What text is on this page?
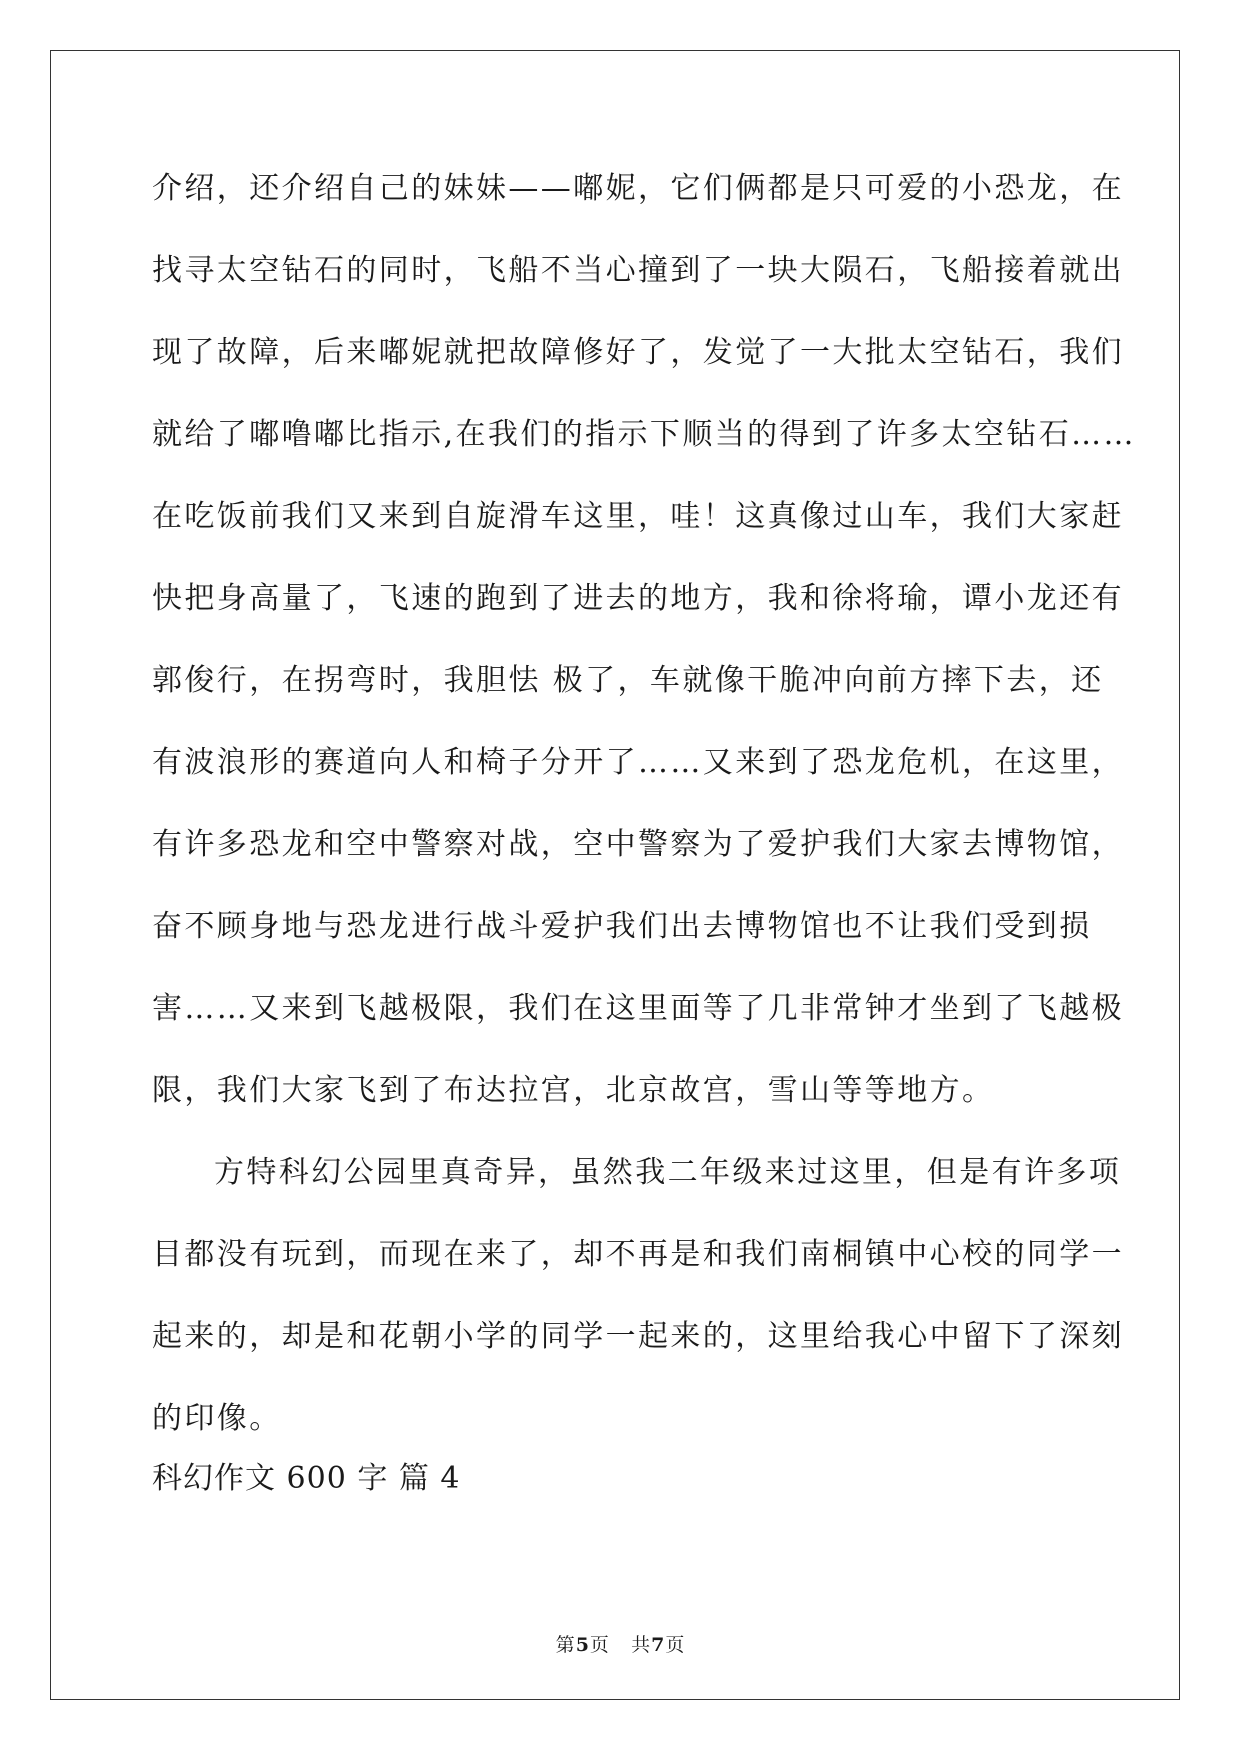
介绍，还介绍自己的妹妹——嘟妮，它们俩都是只可爱的小恐龙，在
找寻太空钻石的同时，飞船不当心撞到了一块大陨石，飞船接着就出
现了故障，后来嘟妮就把故障修好了，发觉了一大批太空钻石，我们
就给了嘟噜嘟比指示,在我们的指示下顺当的得到了许多太空钻石……
在吃饭前我们又来到自旋滑车这里，哇！这真像过山车，我们大家赶
快把身高量了，飞速的跑到了进去的地方，我和徐将瑜，谭小龙还有
郭俊行，在拐弯时，我胆怯 极了，车就像干脆冲向前方摔下去，还
有波浪形的赛道向人和椅子分开了……又来到了恐龙危机，在这里，
有许多恐龙和空中警察对战，空中警察为了爱护我们大家去博物馆，
奋不顾身地与恐龙进行战斗爱护我们出去博物馆也不让我们受到损
害……又来到飞越极限，我们在这里面等了几非常钟才坐到了飞越极
限，我们大家飞到了布达拉宫，北京故宫，雪山等等地方。
方特科幻公园里真奇异，虽然我二年级来过这里，但是有许多项
目都没有玩到，而现在来了，却不再是和我们南桐镇中心校的同学一
起来的，却是和花朝小学的同学一起来的，这里给我心中留下了深刻
的印像。
科幻作文 600 字 篇 4
第5页 共7页
